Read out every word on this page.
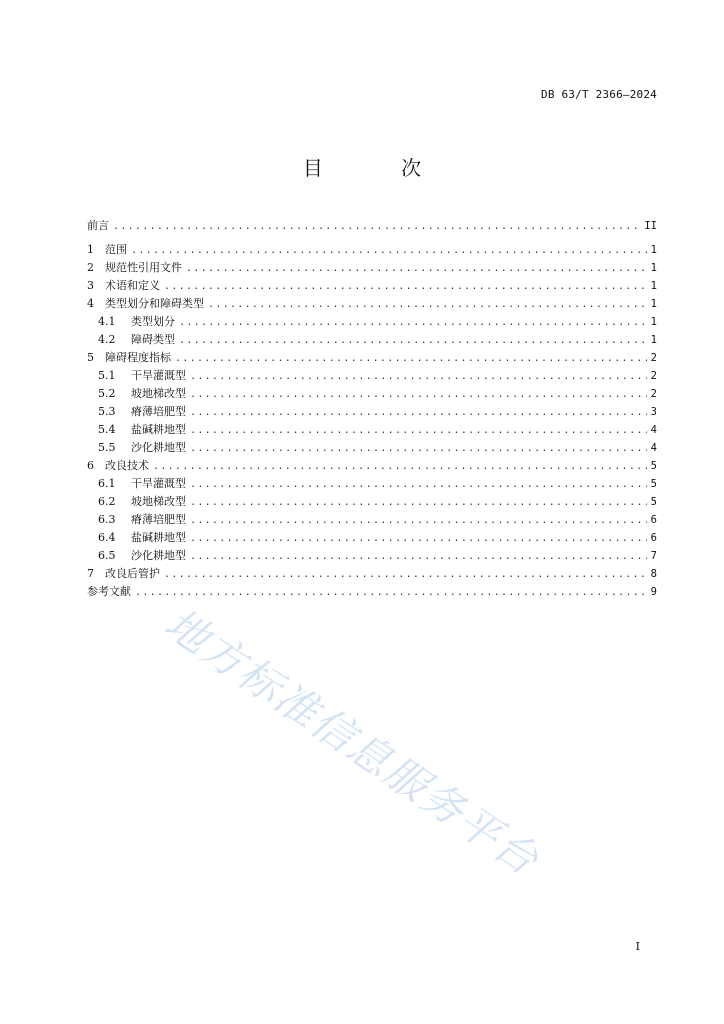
DB 63/T 2366—2024
目 次
前言 .....	II
1	范围 .....	1
2	规范性引用文件 .....	1
3	术语和定义 .....	1
4	类型划分和障碍类型 .....	1
4.1	类型划分 .....	1
4.2	障碍类型 .....	1
5	障碍程度指标 .....	2
5.1	干旱灌溉型 .....	2
5.2	坡地梯改型 .....	2
5.3	瘠薄培肥型 .....	3
5.4	盐碱耕地型 .....	4
5.5	沙化耕地型 .....	4
6	改良技术 .....	5
6.1	干旱灌溉型 .....	5
6.2	坡地梯改型 .....	5
6.3	瘠薄培肥型 .....	6
6.4	盐碱耕地型 .....	6
6.5	沙化耕地型 .....	7
7	改良后管护 .....	8
参考文献 .....	9
地方标准信息服务平台
I
